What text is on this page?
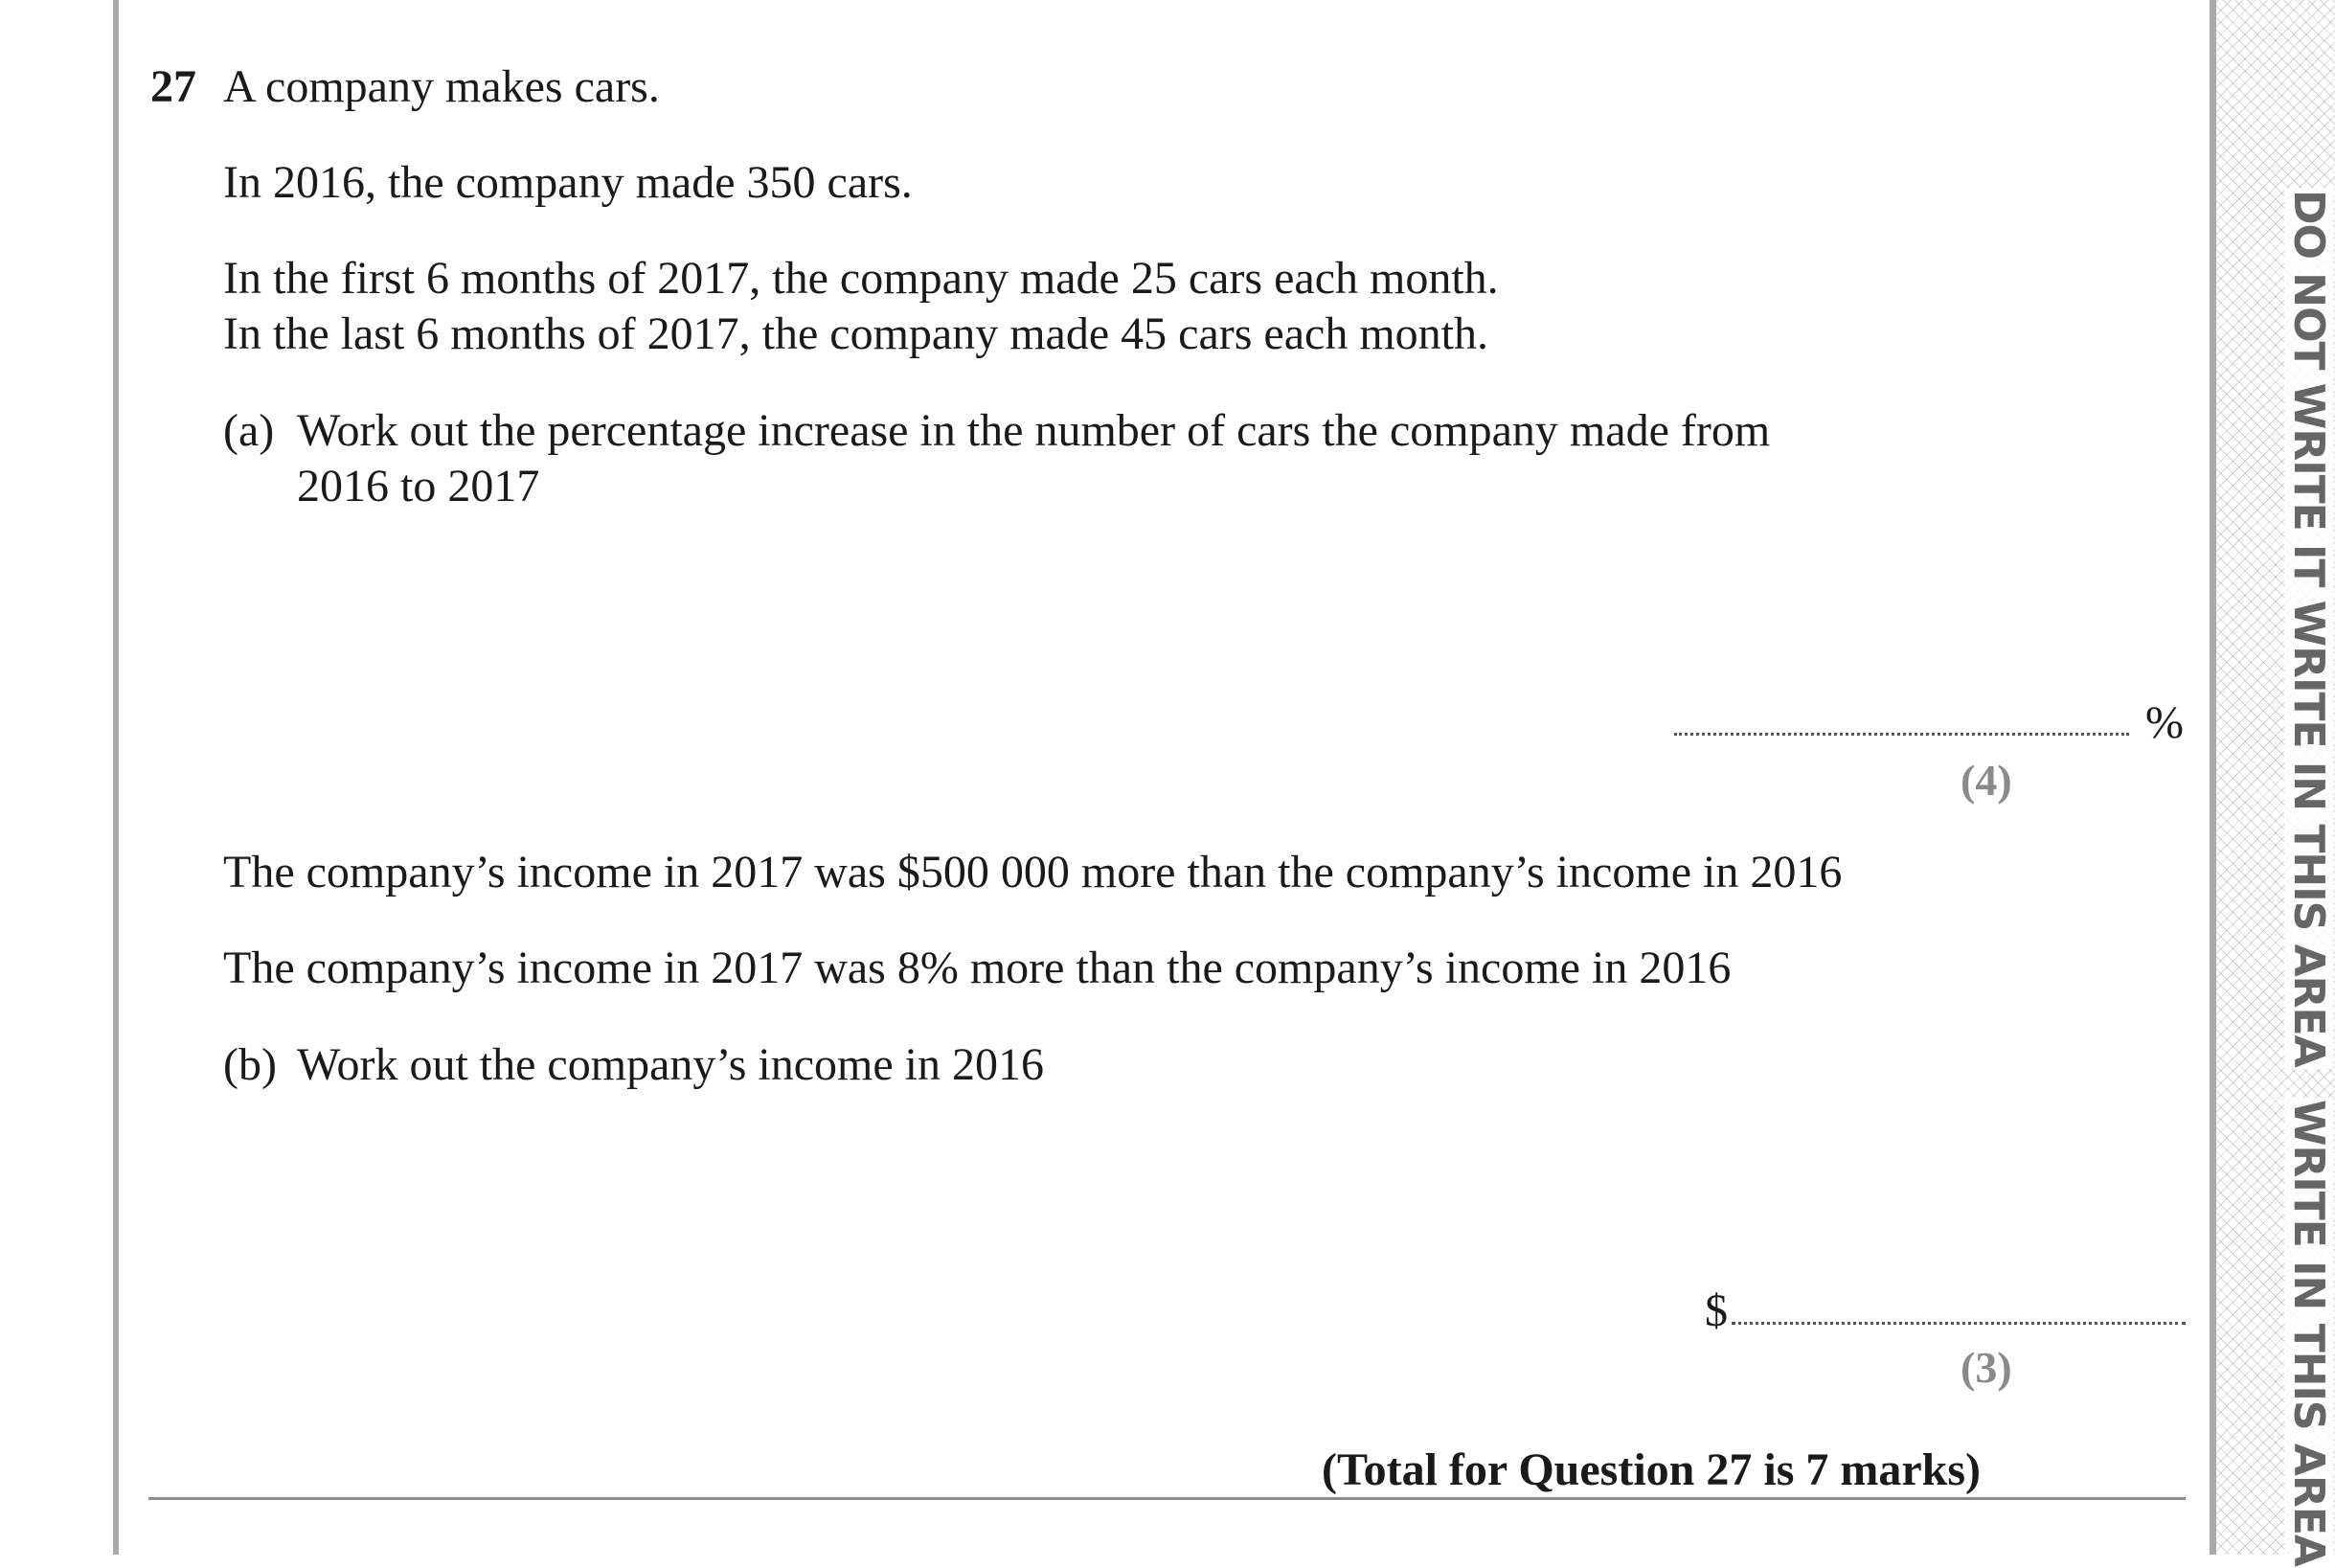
DO NOT WRITE IT WRITE IN THIS AREA
WRITE IN THIS AREA
27 A company makes cars.
In 2016, the company made 350 cars.
In the first 6 months of 2017, the company made 25 cars each month.
In the last 6 months of 2017, the company made 45 cars each month.
(a) Work out the percentage increase in the number of cars the company made from
2016 to 2017
%
(4)
The company’s income in 2017 was $500 000 more than the company’s income in 2016
The company’s income in 2017 was 8% more than the company’s income in 2016
(b) Work out the company’s income in 2016
$
(3)
(Total for Question 27 is 7 marks)
